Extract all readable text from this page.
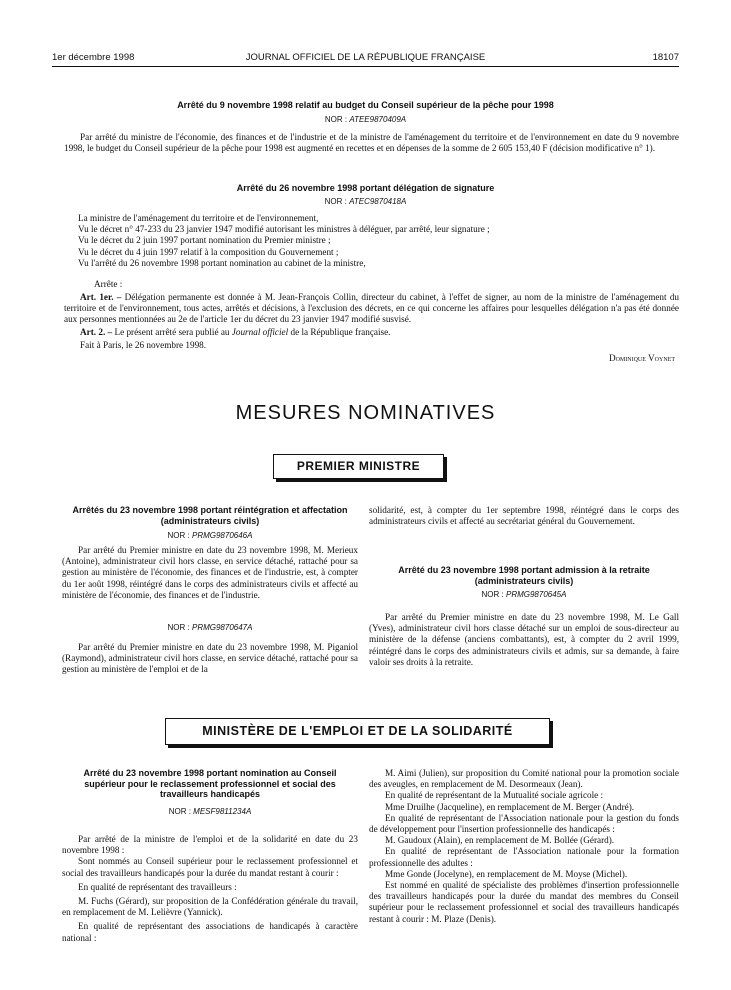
1er décembre 1998	JOURNAL OFFICIEL DE LA RÉPUBLIQUE FRANÇAISE	18107
Arrêté du 9 novembre 1998 relatif au budget du Conseil supérieur de la pêche pour 1998
NOR : ATEE9870409A

Par arrêté du ministre de l'économie, des finances et de l'industrie et de la ministre de l'aménagement du territoire et de l'environnement en date du 9 novembre 1998, le budget du Conseil supérieur de la pêche pour 1998 est augmenté en recettes et en dépenses de la somme de 2 605 153,40 F (décision modificative n° 1).

Arrêté du 26 novembre 1998 portant délégation de signature
NOR : ATEC9870418A

La ministre de l'aménagement du territoire et de l'environnement,

Vu le décret n° 47-233 du 23 janvier 1947 modifié autorisant les ministres à déléguer, par arrêté, leur signature ;

Vu le décret du 2 juin 1997 portant nomination du Premier ministre ;

Vu le décret du 4 juin 1997 relatif à la composition du Gouvernement ;

Vu l'arrêté du 26 novembre 1998 portant nomination au cabinet de la ministre,

Arrête :

Art. 1er. – Délégation permanente est donnée à M. Jean-François Collin, directeur du cabinet, à l'effet de signer, au nom de la ministre de l'aménagement du territoire et de l'environnement, tous actes, arrêtés et décisions, à l'exclusion des décrets, en ce qui concerne les affaires pour lesquelles délégation n'a pas été donnée aux personnes mentionnées au 2e de l'article 1er du décret du 23 janvier 1947 modifié susvisé.

Art. 2. – Le présent arrêté sera publié au Journal officiel de la République française.

Fait à Paris, le 26 novembre 1998.
Dominique Voynet
MESURES NOMINATIVES
PREMIER MINISTRE
Arrêtés du 23 novembre 1998 portant réintégration et affectation (administrateurs civils)
NOR : PRMG9870646A

Par arrêté du Premier ministre en date du 23 novembre 1998, M. Merieux (Antoine), administrateur civil hors classe, en service détaché, rattaché pour sa gestion au ministère de l'économie, des finances et de l'industrie, est, à compter du 1er août 1998, réintégré dans le corps des administrateurs civils et affecté au ministère de l'économie, des finances et de l'industrie.

NOR : PRMG9870647A

Par arrêté du Premier ministre en date du 23 novembre 1998, M. Piganiol (Raymond), administrateur civil hors classe, en service détaché, rattaché pour sa gestion au ministère de l'emploi et de la

solidarité, est, à compter du 1er septembre 1998, réintégré dans le corps des administrateurs civils et affecté au secrétariat général du Gouvernement.

Arrêté du 23 novembre 1998 portant admission à la retraite (administrateurs civils)
NOR : PRMG9870645A

Par arrêté du Premier ministre en date du 23 novembre 1998, M. Le Gall (Yves), administrateur civil hors classe détaché sur un emploi de sous-directeur au ministère de la défense (anciens combattants), est, à compter du 2 avril 1999, réintégré dans le corps des administrateurs civils et admis, sur sa demande, à faire valoir ses droits à la retraite.

MINISTÈRE DE L'EMPLOI ET DE LA SOLIDARITÉ
Arrêté du 23 novembre 1998 portant nomination au Conseil supérieur pour le reclassement professionnel et social des travailleurs handicapés
NOR : MESF9811234A

Par arrêté de la ministre de l'emploi et de la solidarité en date du 23 novembre 1998 :

Sont nommés au Conseil supérieur pour le reclassement professionnel et social des travailleurs handicapés pour la durée du mandat restant à courir :

En qualité de représentant des travailleurs :

M. Fuchs (Gérard), sur proposition de la Confédération générale du travail, en remplacement de M. Lelièvre (Yannick).

En qualité de représentant des associations de handicapés à caractère national :

M. Aimi (Julien), sur proposition du Comité national pour la promotion sociale des aveugles, en remplacement de M. Desormeaux (Jean).

En qualité de représentant de la Mutualité sociale agricole :

Mme Druilhe (Jacqueline), en remplacement de M. Berger (André).

En qualité de représentant de l'Association nationale pour la gestion du fonds de développement pour l'insertion professionnelle des handicapés :

M. Gaudoux (Alain), en remplacement de M. Bollée (Gérard).

En qualité de représentant de l'Association nationale pour la formation professionnelle des adultes :

Mme Gonde (Jocelyne), en remplacement de M. Moyse (Michel).

Est nommé en qualité de spécialiste des problèmes d'insertion professionnelle des travailleurs handicapés pour la durée du mandat des membres du Conseil supérieur pour le reclassement professionnel et social des travailleurs handicapés restant à courir : M. Plaze (Denis).
